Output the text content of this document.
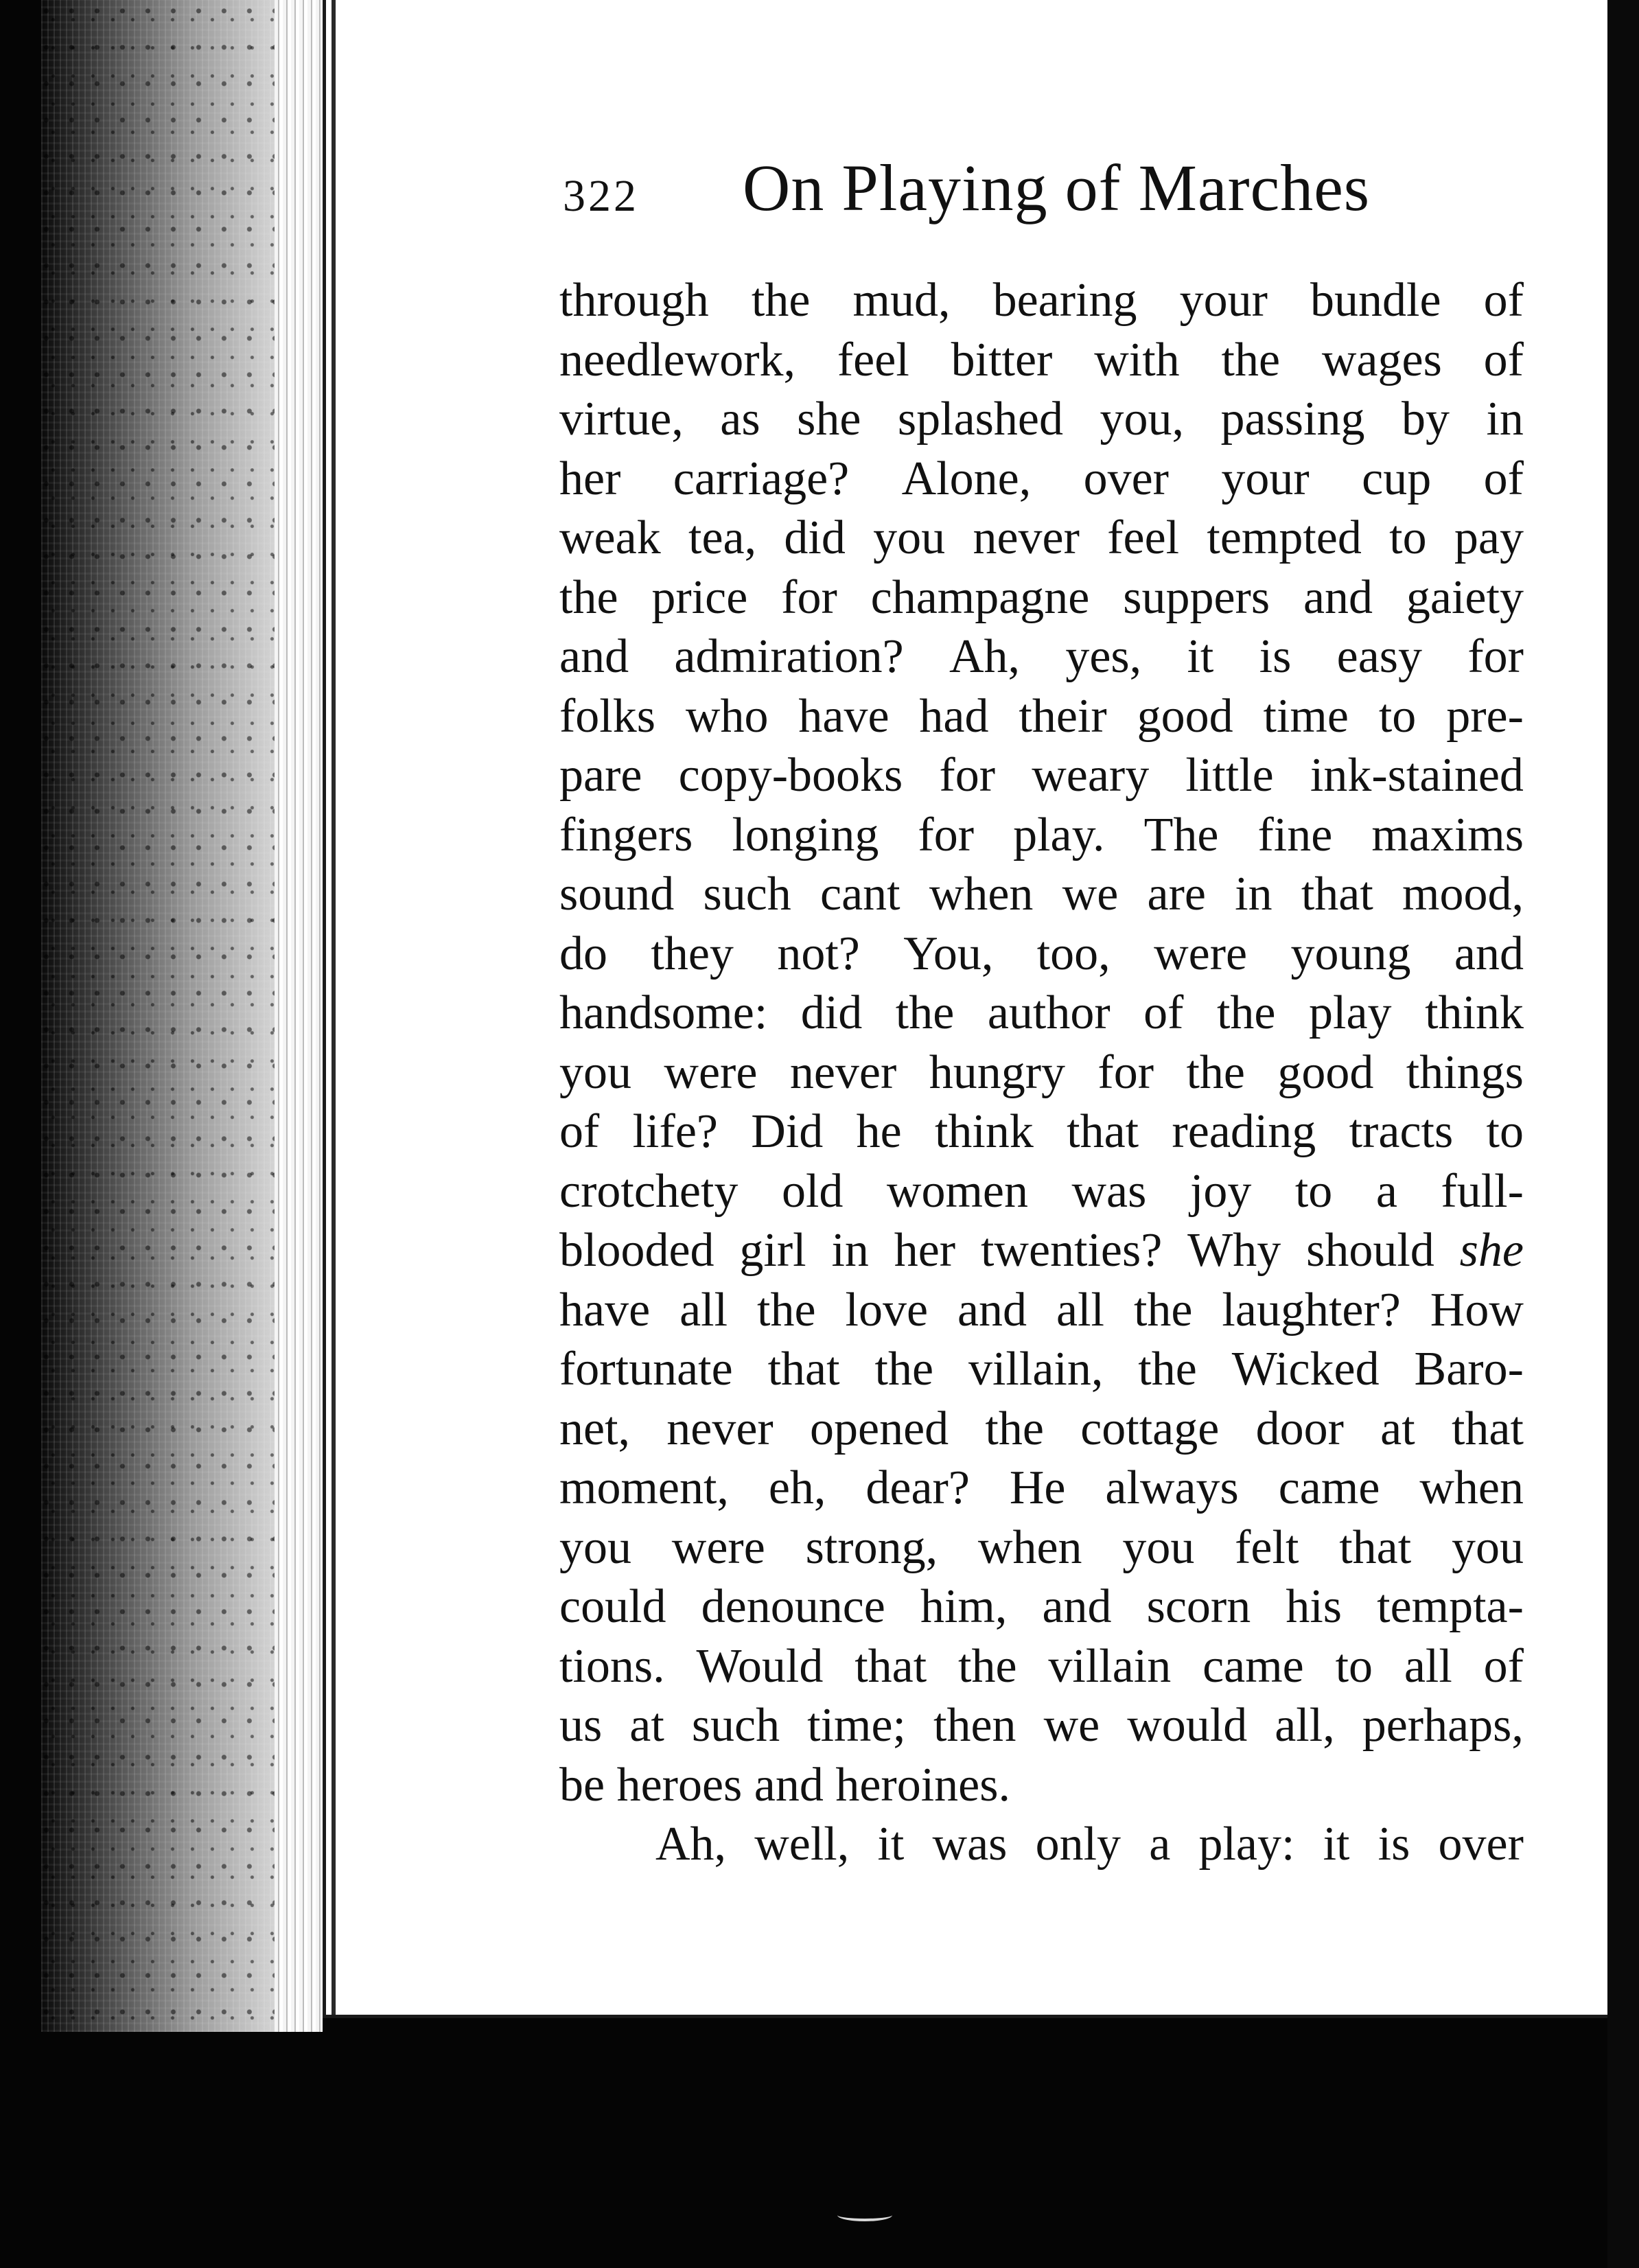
322 On Playing of Marches
through the mud, bearing your bundle of
needlework, feel bitter with the wages of
virtue, as she splashed you, passing by in
her carriage? Alone, over your cup of
weak tea, did you never feel tempted to pay
the price for champagne suppers and gaiety
and admiration? Ah, yes, it is easy for
folks who have had their good time to pre-
pare copy-books for weary little ink-stained
fingers longing for play. The fine maxims
sound such cant when we are in that mood,
do they not? You, too, were young and
handsome: did the author of the play think
you were never hungry for the good things
of life? Did he think that reading tracts to
crotchety old women was joy to a full-
blooded girl in her twenties? Why should she
have all the love and all the laughter? How
fortunate that the villain, the Wicked Baro-
net, never opened the cottage door at that
moment, eh, dear? He always came when
you were strong, when you felt that you
could denounce him, and scorn his tempta-
tions. Would that the villain came to all of
us at such time; then we would all, perhaps,
be heroes and heroines.
Ah, well, it was only a play: it is over
